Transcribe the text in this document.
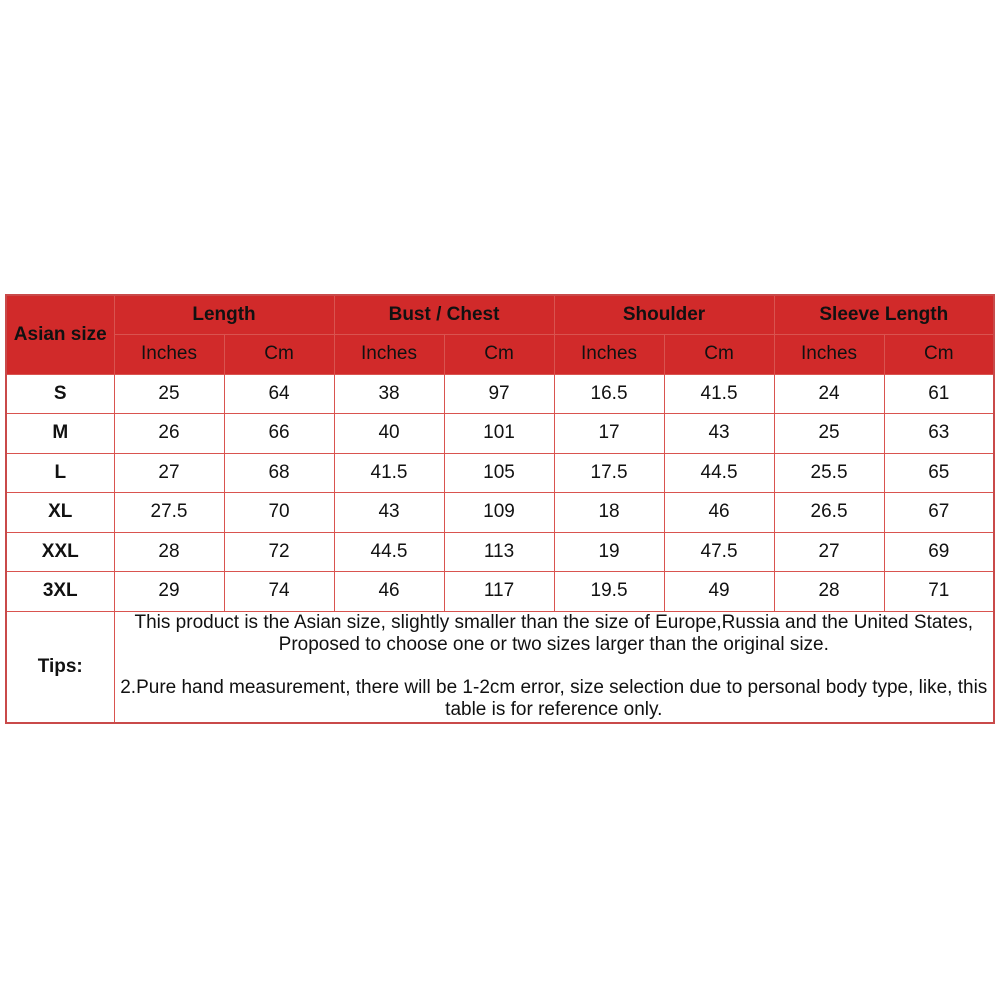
Asian size	Length		Bust / Chest		Shoulder		Sleeve Length	
	Inches	Cm	Inches	Cm	Inches	Cm	Inches	Cm
S	25	64	38	97	16.5	41.5	24	61
M	26	66	40	101	17	43	25	63
L	27	68	41.5	105	17.5	44.5	25.5	65
XL	27.5	70	43	109	18	46	26.5	67
XXL	28	72	44.5	113	19	47.5	27	69
3XL	29	74	46	117	19.5	49	28	71
Tips:	This product is the Asian size, slightly smaller than the size of Europe,Russia and the United States, Proposed to choose one or two sizes larger than the original size.

2.Pure hand measurement, there will be 1-2cm error, size selection due to personal body type, like, this table is for reference only.							
